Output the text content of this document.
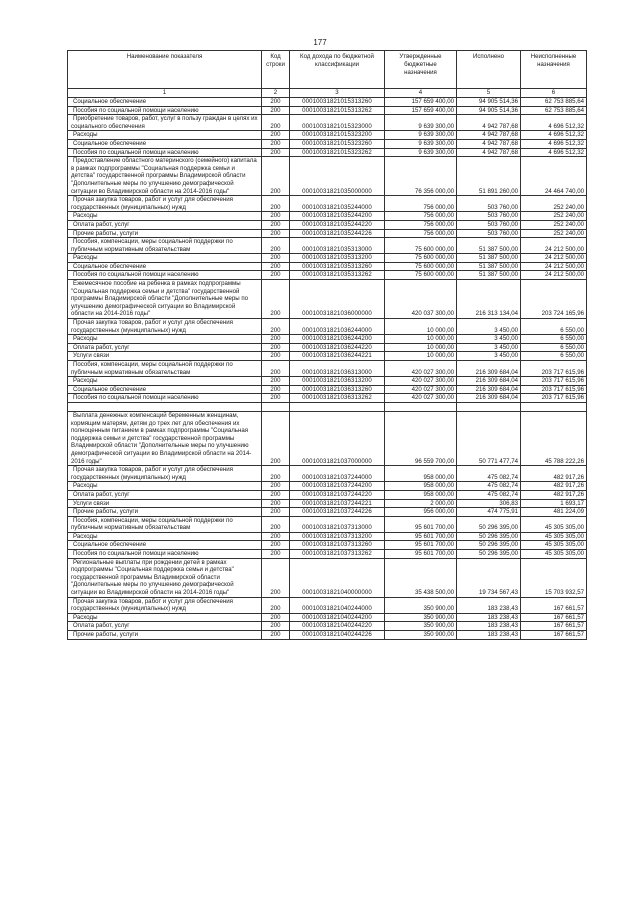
177
Наименование показателя	Код строки	Код дохода по бюджетной классификации	Утвержденные бюджетные назначения	Исполнено	Неисполненные назначения
1	2	3	4	5	6
Социальное обеспечение	200	00010031821015313260	157 659 400,00	94 905 514,36	62 753 885,64
Пособия по социальной помощи населению	200	00010031821015313262	157 659 400,00	94 905 514,36	62 753 885,64
Приобретение товаров, работ, услуг в пользу граждан в целях их социального обеспечения	200	00010031821015323000	9 639 300,00	4 942 787,68	4 696 512,32
Расходы	200	00010031821015323200	9 639 300,00	4 942 787,68	4 696 512,32
Социальное обеспечение	200	00010031821015323260	9 639 300,00	4 942 787,68	4 696 512,32
Пособия по социальной помощи населению	200	00010031821015323262	9 639 300,00	4 942 787,68	4 696 512,32
Предоставление областного материнского (семейного) капитала в рамках подпрограммы "Социальная поддержка семьи и детства" государственной программы Владимирской области "Дополнительные меры по улучшению демографической ситуации во Владимирской области на 2014-2016 годы"	200	00010031821035000000	76 356 000,00	51 891 260,00	24 464 740,00
Прочая закупка товаров, работ и услуг для обеспечения государственных (муниципальных) нужд	200	00010031821035244000	756 000,00	503 760,00	252 240,00
Расходы	200	00010031821035244200	756 000,00	503 760,00	252 240,00
Оплата работ, услуг	200	00010031821035244220	756 000,00	503 760,00	252 240,00
Прочие работы, услуги	200	00010031821035244226	756 000,00	503 760,00	252 240,00
Пособия, компенсации, меры социальной поддержки по публичным нормативным обязательствам	200	00010031821035313000	75 600 000,00	51 387 500,00	24 212 500,00
Расходы	200	00010031821035313200	75 600 000,00	51 387 500,00	24 212 500,00
Социальное обеспечение	200	00010031821035313260	75 600 000,00	51 387 500,00	24 212 500,00
Пособия по социальной помощи населению	200	00010031821035313262	75 600 000,00	51 387 500,00	24 212 500,00
Ежемесячное пособие на ребенка в рамках подпрограммы "Социальная поддержка семьи и детства" государственной программы Владимирской области "Дополнительные меры по улучшению демографической ситуации во Владимирской области на 2014-2016 годы"	200	00010031821036000000	420 037 300,00	216 313 134,04	203 724 165,96
Прочая закупка товаров, работ и услуг для обеспечения государственных (муниципальных) нужд	200	00010031821036244000	10 000,00	3 450,00	6 550,00
Расходы	200	00010031821036244200	10 000,00	3 450,00	6 550,00
Оплата работ, услуг	200	00010031821036244220	10 000,00	3 450,00	6 550,00
Услуги связи	200	00010031821036244221	10 000,00	3 450,00	6 550,00
Пособия, компенсации, меры социальной поддержки по публичным нормативным обязательствам	200	00010031821036313000	420 027 300,00	216 309 684,04	203 717 615,96
Расходы	200	00010031821036313200	420 027 300,00	216 309 684,04	203 717 615,96
Социальное обеспечение	200	00010031821036313260	420 027 300,00	216 309 684,04	203 717 615,96
Пособия по социальной помощи населению	200	00010031821036313262	420 027 300,00	216 309 684,04	203 717 615,96

Выплата денежных компенсаций беременным женщинам, кормящим матерям, детям до трех лет для обеспечения их полноценным питанием в рамках подпрограммы "Социальная поддержка семьи и детства" государственной программы Владимирской области "Дополнительные меры по улучшению демографической ситуации во Владимирской области на 2014-2016 годы"	200	00010031821037000000	96 559 700,00	50 771 477,74	45 788 222,26
Прочая закупка товаров, работ и услуг для обеспечения государственных (муниципальных) нужд	200	00010031821037244000	958 000,00	475 082,74	482 917,26
Расходы	200	00010031821037244200	958 000,00	475 082,74	482 917,26
Оплата работ, услуг	200	00010031821037244220	958 000,00	475 082,74	482 917,26
Услуги связи	200	00010031821037244221	2 000,00	306,83	1 693,17
Прочие работы, услуги	200	00010031821037244226	956 000,00	474 775,91	481 224,09
Пособия, компенсации, меры социальной поддержки по публичным нормативным обязательствам	200	00010031821037313000	95 601 700,00	50 296 395,00	45 305 305,00
Расходы	200	00010031821037313200	95 601 700,00	50 296 395,00	45 305 305,00
Социальное обеспечение	200	00010031821037313260	95 601 700,00	50 296 395,00	45 305 305,00
Пособия по социальной помощи населению	200	00010031821037313262	95 601 700,00	50 296 395,00	45 305 305,00
Региональные выплаты при рождении детей в рамках подпрограммы "Социальная поддержка семьи и детства" государственной программы Владимирской области "Дополнительные меры по улучшению демографической ситуации во Владимирской области на 2014-2016 годы"	200	00010031821040000000	35 438 500,00	19 734 567,43	15 703 932,57
Прочая закупка товаров, работ и услуг для обеспечения государственных (муниципальных) нужд	200	00010031821040244000	350 900,00	183 238,43	167 661,57
Расходы	200	00010031821040244200	350 900,00	183 238,43	167 661,57
Оплата работ, услуг	200	00010031821040244220	350 900,00	183 238,43	167 661,57
Прочие работы, услуги	200	00010031821040244226	350 900,00	183 238,43	167 661,57
